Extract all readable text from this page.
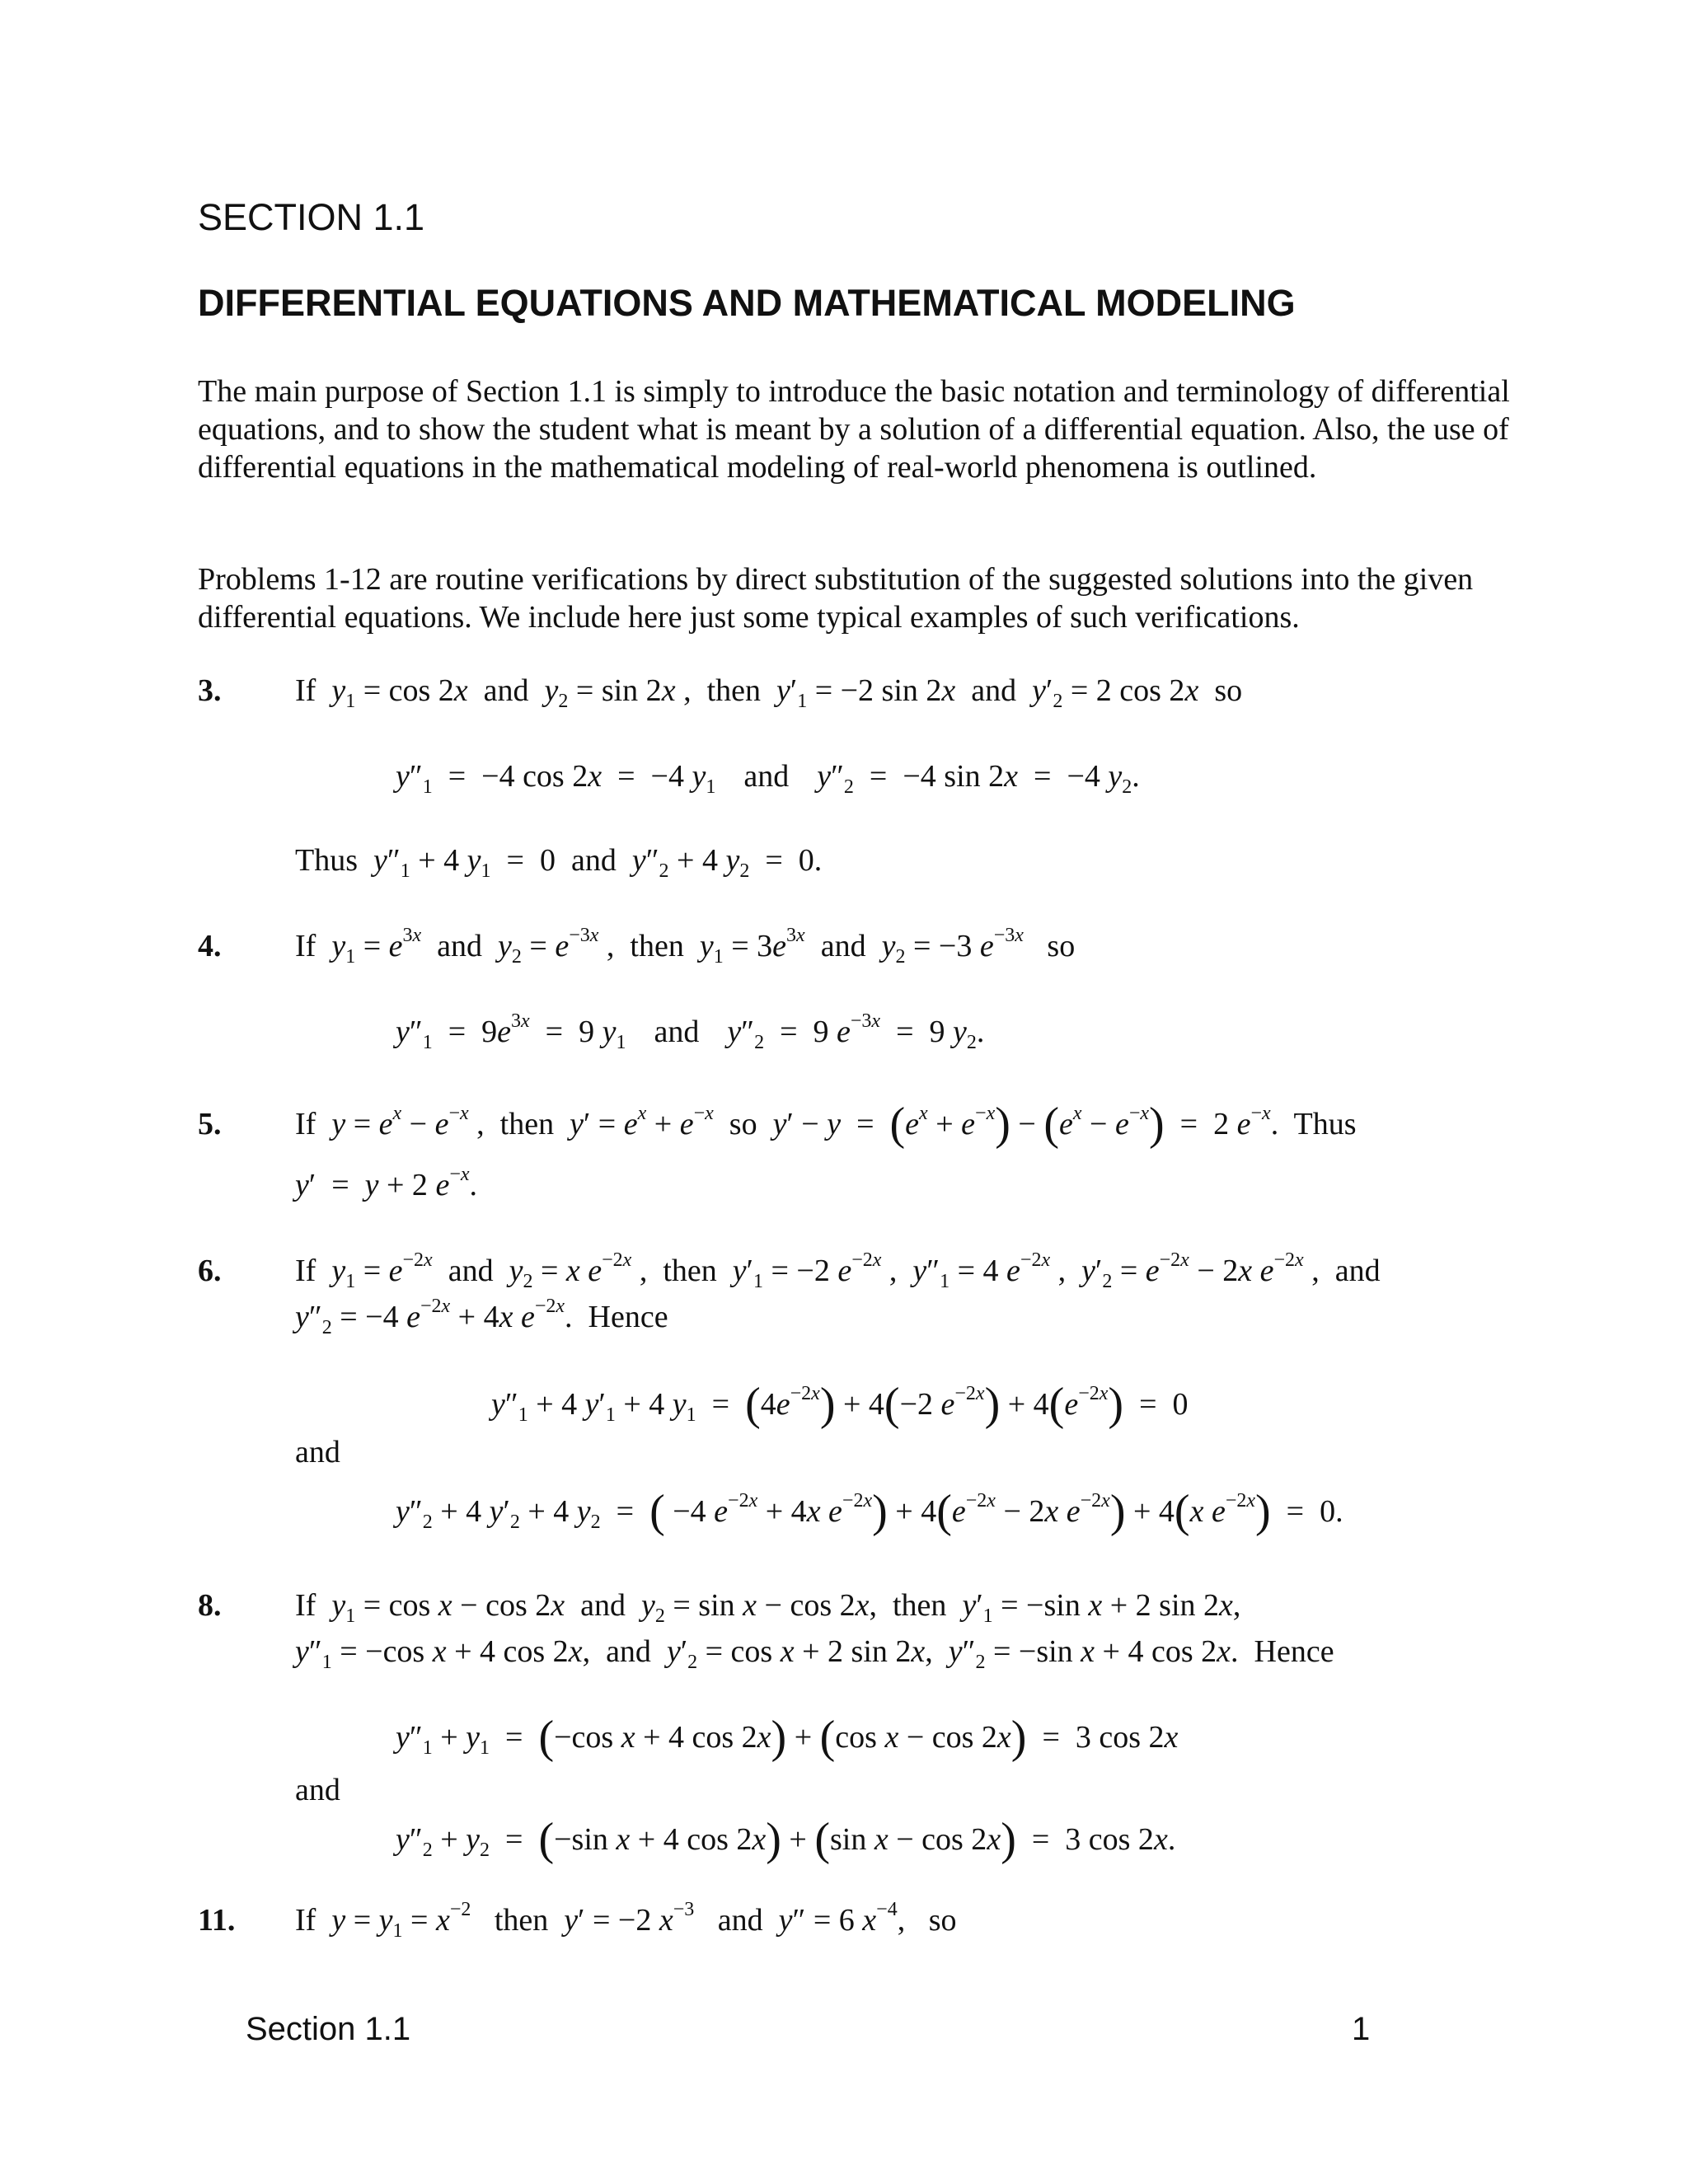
SECTION 1.1
DIFFERENTIAL EQUATIONS AND MATHEMATICAL MODELING
The main purpose of Section 1.1 is simply to introduce the basic notation and terminology of differential equations, and to show the student what is meant by a solution of a differential equation. Also, the use of differential equations in the mathematical modeling of real-world phenomena is outlined.
Problems 1-12 are routine verifications by direct substitution of the suggested solutions into the given differential equations. We include here just some typical examples of such verifications.
3. If  $y_1 = \cos 2x$  and  $y_2 = \sin 2x$ ,  then  $y'_1 = -2$ sin 2x  and  $y'_2 = 2$ cos 2x  so
$y''_1 = -4$ cos 2x  =  −4 $y_1$ and $y''_2 = -4$ sin 2x  =  −4 $y_2$.
Thus  $y''_1 + 4$ $y_1 = 0$  and  $y''_2 + 4$ $y_2 = 0$.
4. If  $y_1 = e^{3x}$  and  $y_2 = e^{-3x}$ ,  then  $y_1 = 3e^{3x}$  and  $y_2 = -3$ $e^{-3x}$   so
$y''_1 = 9e^{3x} = 9$ $y_1$ and $y''_2 = 9$ $e^{-3x} = 9$ $y_2$.
5. If  $y = e^x - e^{-x}$ ,  then  $y' = e^x + e^{-x}$  so  $y' - y = (e^x + e^{-x}) - (e^x - e^{-x}) = 2$ $e^{-x}$.  Thus
y′  =  y + 2 $e^{-x}$.
6. If  $y_1 = e^{-2x}$  and  $y_2 = x$ $e^{-2x}$ ,  then  $y'_1 = -2$ $e^{-2x}$ ,  $y''_1 = 4$ $e^{-2x}$ ,  $y'_2 = e^{-2x} - 2x$ $e^{-2x}$ ,  and
$y''_2 = -4$ $e^{-2x} + 4x$ $e^{-2x}$.  Hence
$y''_1 + 4$ $y'_1 + 4$ $y_1 = (4e^{-2x}) + 4(-2$ $e^{-2x}) + 4(e^{-2x}) = 0$
and
$y''_2 + 4$ $y'_2 + 4$ $y_2$  =  ( −4 $e^{-2x} + 4x$ $e^{-2x}) + 4(e^{-2x} - 2x$ $e^{-2x}) + 4(x$ $e^{-2x}) = 0$.
8. If  $y_1 = \cos x - \cos 2x$  and  $y_2 = \sin x - \cos 2x$,  then  $y'_1 = -\sin$ x + 2 sin 2x,
$y''_1 = -\cos$ x + 4 cos 2x,  and  $y'_2 = \cos x + 2$ sin 2x,  $y''_2 = -\sin$ x + 4 cos 2x.  Hence
$y''_1 + y_1 = (-\cos$ x + 4 cos 2x) + (cos x − cos 2x)  =  3 cos 2x
and
$y''_2 + y_2 = (-\sin$ x + 4 cos 2x) + (sin x − cos 2x)  =  3 cos 2x.
11. If  $y = y_1 = x^{-2}$   then  y′ = −2 $x^{-3}$   and  y″ = 6 $x^{-4}$,   so
Section 1.1	1
